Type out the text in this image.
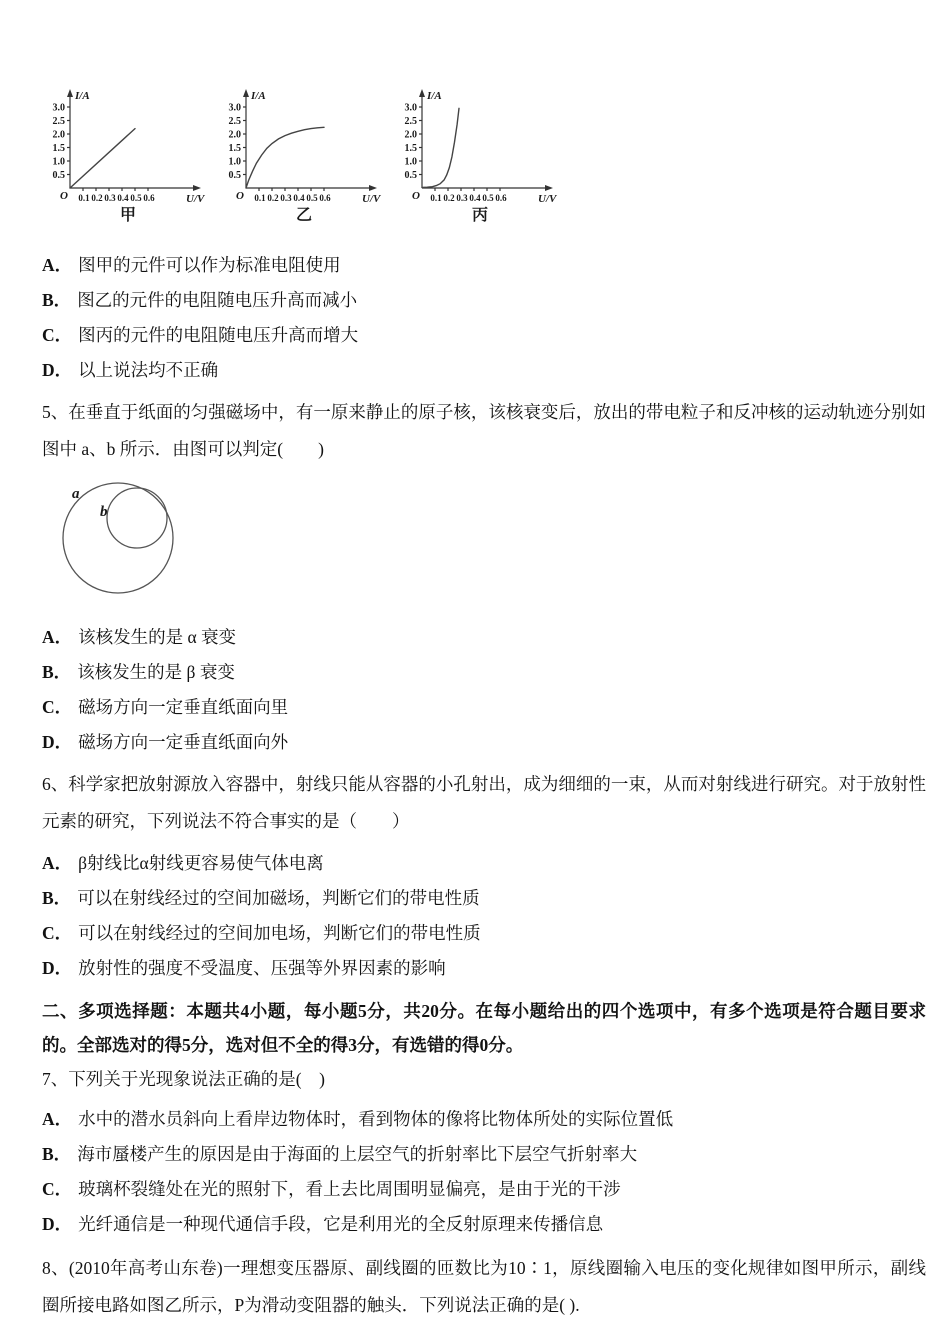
0.5
1.0
1.5
2.0
2.5
3.0
0.1 0.2 0.3 0.4 0.5 0.6
I/A
U/V
O
甲
0.5
1.0
1.5
2.0
2.5
3.0
0.1 0.2 0.3 0.4 0.5 0.6
I/A
U/V
O
乙
0.5
1.0
1.5
2.0
2.5
3.0
0.1 0.2 0.3 0.4 0.5 0.6
I/A
U/V
O
丙
A． 图甲的元件可以作为标准电阻使用
B． 图乙的元件的电阻随电压升高而减小
C． 图丙的元件的电阻随电压升高而增大
D． 以上说法均不正确

5、在垂直于纸面的匀强磁场中，有一原来静止的原子核，该核衰变后，放出的带电粒子和反冲核的运动轨迹分别如图中 a、b 所示．由图可以判定(　　)

a
b
A． 该核发生的是 α 衰变
B． 该核发生的是 β 衰变
C． 磁场方向一定垂直纸面向里
D． 磁场方向一定垂直纸面向外

6、科学家把放射源放入容器中，射线只能从容器的小孔射出，成为细细的一束，从而对射线进行研究。对于放射性元素的研究，下列说法不符合事实的是（　　）

A． β射线比α射线更容易使气体电离
B． 可以在射线经过的空间加磁场，判断它们的带电性质
C． 可以在射线经过的空间加电场，判断它们的带电性质
D． 放射性的强度不受温度、压强等外界因素的影响

二、多项选择题：本题共4小题，每小题5分，共20分。在每小题给出的四个选项中，有多个选项是符合题目要求的。全部选对的得5分，选对但不全的得3分，有选错的得0分。

7、下列关于光现象说法正确的是(　)

A． 水中的潜水员斜向上看岸边物体时，看到物体的像将比物体所处的实际位置低
B． 海市蜃楼产生的原因是由于海面的上层空气的折射率比下层空气折射率大
C． 玻璃杯裂缝处在光的照射下，看上去比周围明显偏亮，是由于光的干涉
D． 光纤通信是一种现代通信手段，它是利用光的全反射原理来传播信息

8、(2010年高考山东卷)一理想变压器原、副线圈的匝数比为10∶1，原线圈输入电压的变化规律如图甲所示，副线圈所接电路如图乙所示，P为滑动变阻器的触头．下列说法正确的是( ).
